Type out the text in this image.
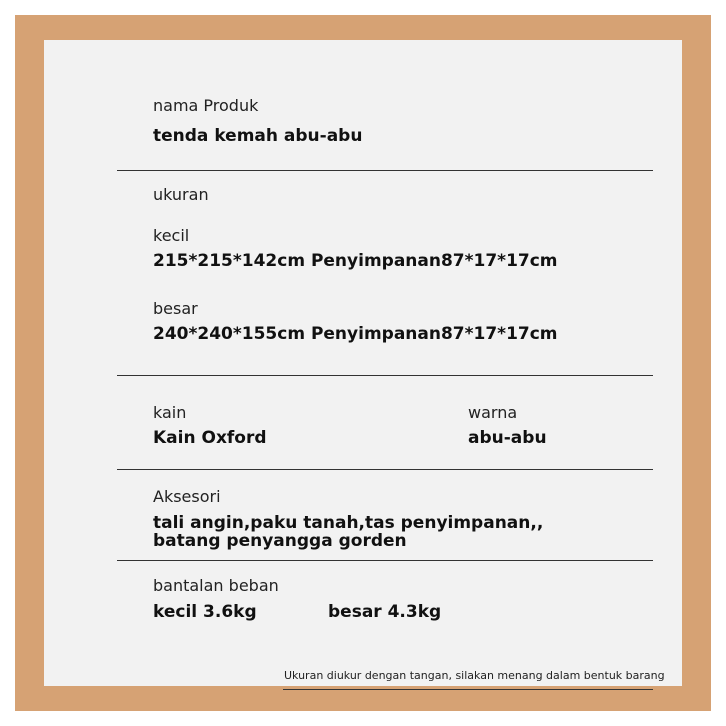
nama Produk
tenda kemah abu-abu
ukuran
kecil
215*215*142cm Penyimpanan87*17*17cm
besar
240*240*155cm Penyimpanan87*17*17cm
kain
Kain Oxford
warna
abu-abu
Aksesori
tali angin,paku tanah,tas penyimpanan,,
batang penyangga gorden
bantalan beban
kecil 3.6kg	besar 4.3kg
Ukuran diukur dengan tangan, silakan menang dalam bentuk barang
